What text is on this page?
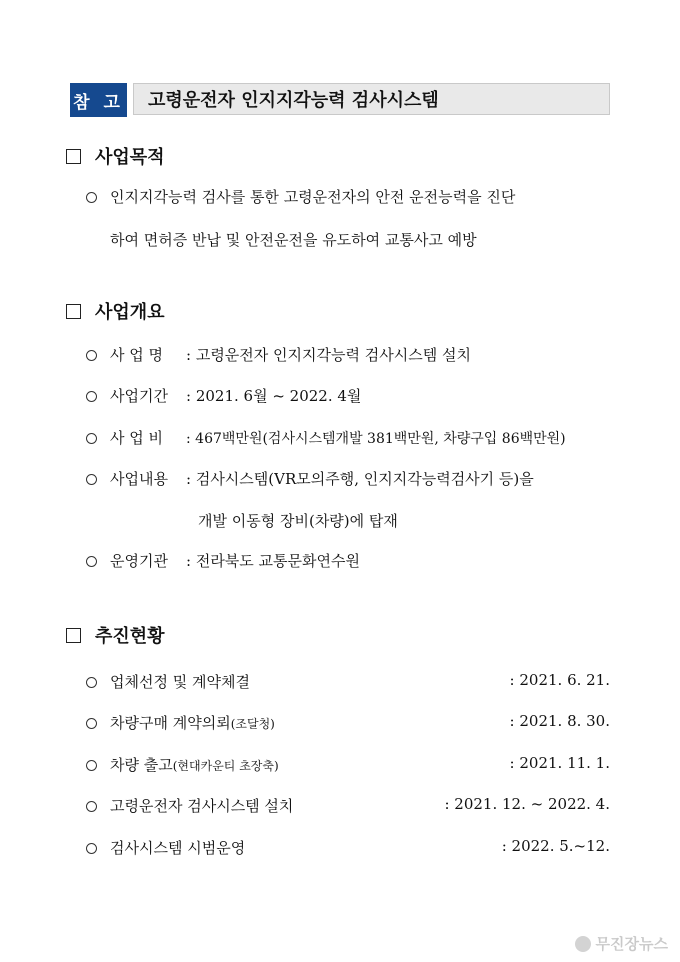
참 고	고령운전자 인지지각능력 검사시스템
사업목적
인지지각능력 검사를 통한 고령운전자의 안전 운전능력을 진단
하여 면허증 반납 및 안전운전을 유도하여 교통사고 예방
사업개요
사 업 명 : 고령운전자 인지지각능력 검사시스템 설치
사업기간 : 2021. 6월 ~ 2022. 4월
사 업 비 : 467백만원(검사시스템개발 381백만원, 차량구입 86백만원)
사업내용 : 검사시스템(VR모의주행, 인지지각능력검사기 등)을
개발 이동형 장비(차량)에 탑재
운영기관 : 전라북도 교통문화연수원
추진현황
업체선정 및 계약체결	: 2021. 6. 21.
차량구매 계약의뢰(조달청)	: 2021. 8. 30.
차량 출고(현대카운티 초장축)	: 2021. 11. 1.
고령운전자 검사시스템 설치	: 2021. 12. ~ 2022. 4.
검사시스템 시범운영	: 2022. 5.~12.
무진장뉴스
